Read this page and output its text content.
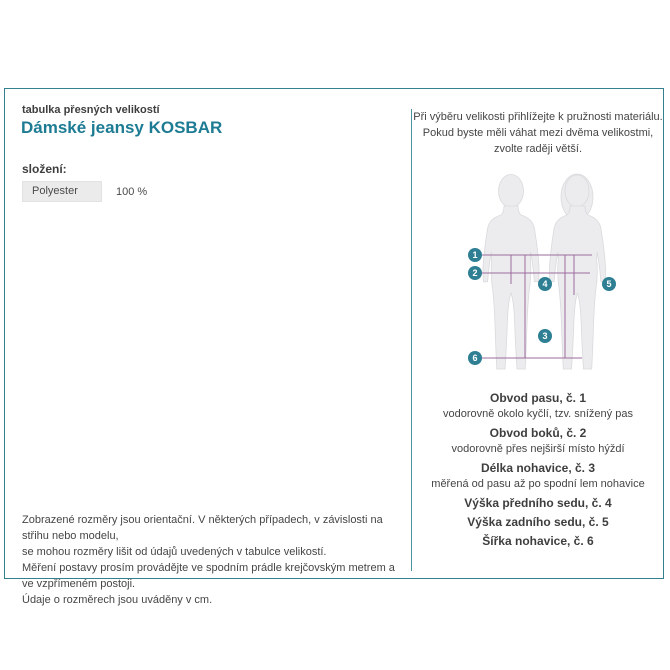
tabulka přesných velikostí
Dámské jeansy KOSBAR
složení:
Polyester	100 %

Zobrazené rozměry jsou orientační. V některých případech, v závislosti na střihu nebo modelu,

se mohou rozměry lišit od údajů uvedených v tabulce velikostí.

Měření postavy prosím provádějte ve spodním prádle krejčovským metrem a ve vzpřímeném postoji.

Údaje o rozměrech jsou uváděny v cm.

Při výběru velikosti přihlížejte k pružnosti materiálu.

Pokud byste měli váhat mezi dvěma velikostmi,

zvolte raději větší.

1
2
4	5
3
6

Obvod pasu, č. 1

vodorovně okolo kyčlí, tzv. snížený pas

Obvod boků, č. 2

vodorovně přes nejširší místo hýždí

Délka nohavice, č. 3

měřená od pasu až po spodní lem nohavice

Výška předního sedu, č. 4

Výška zadního sedu, č. 5

Šířka nohavice, č. 6
